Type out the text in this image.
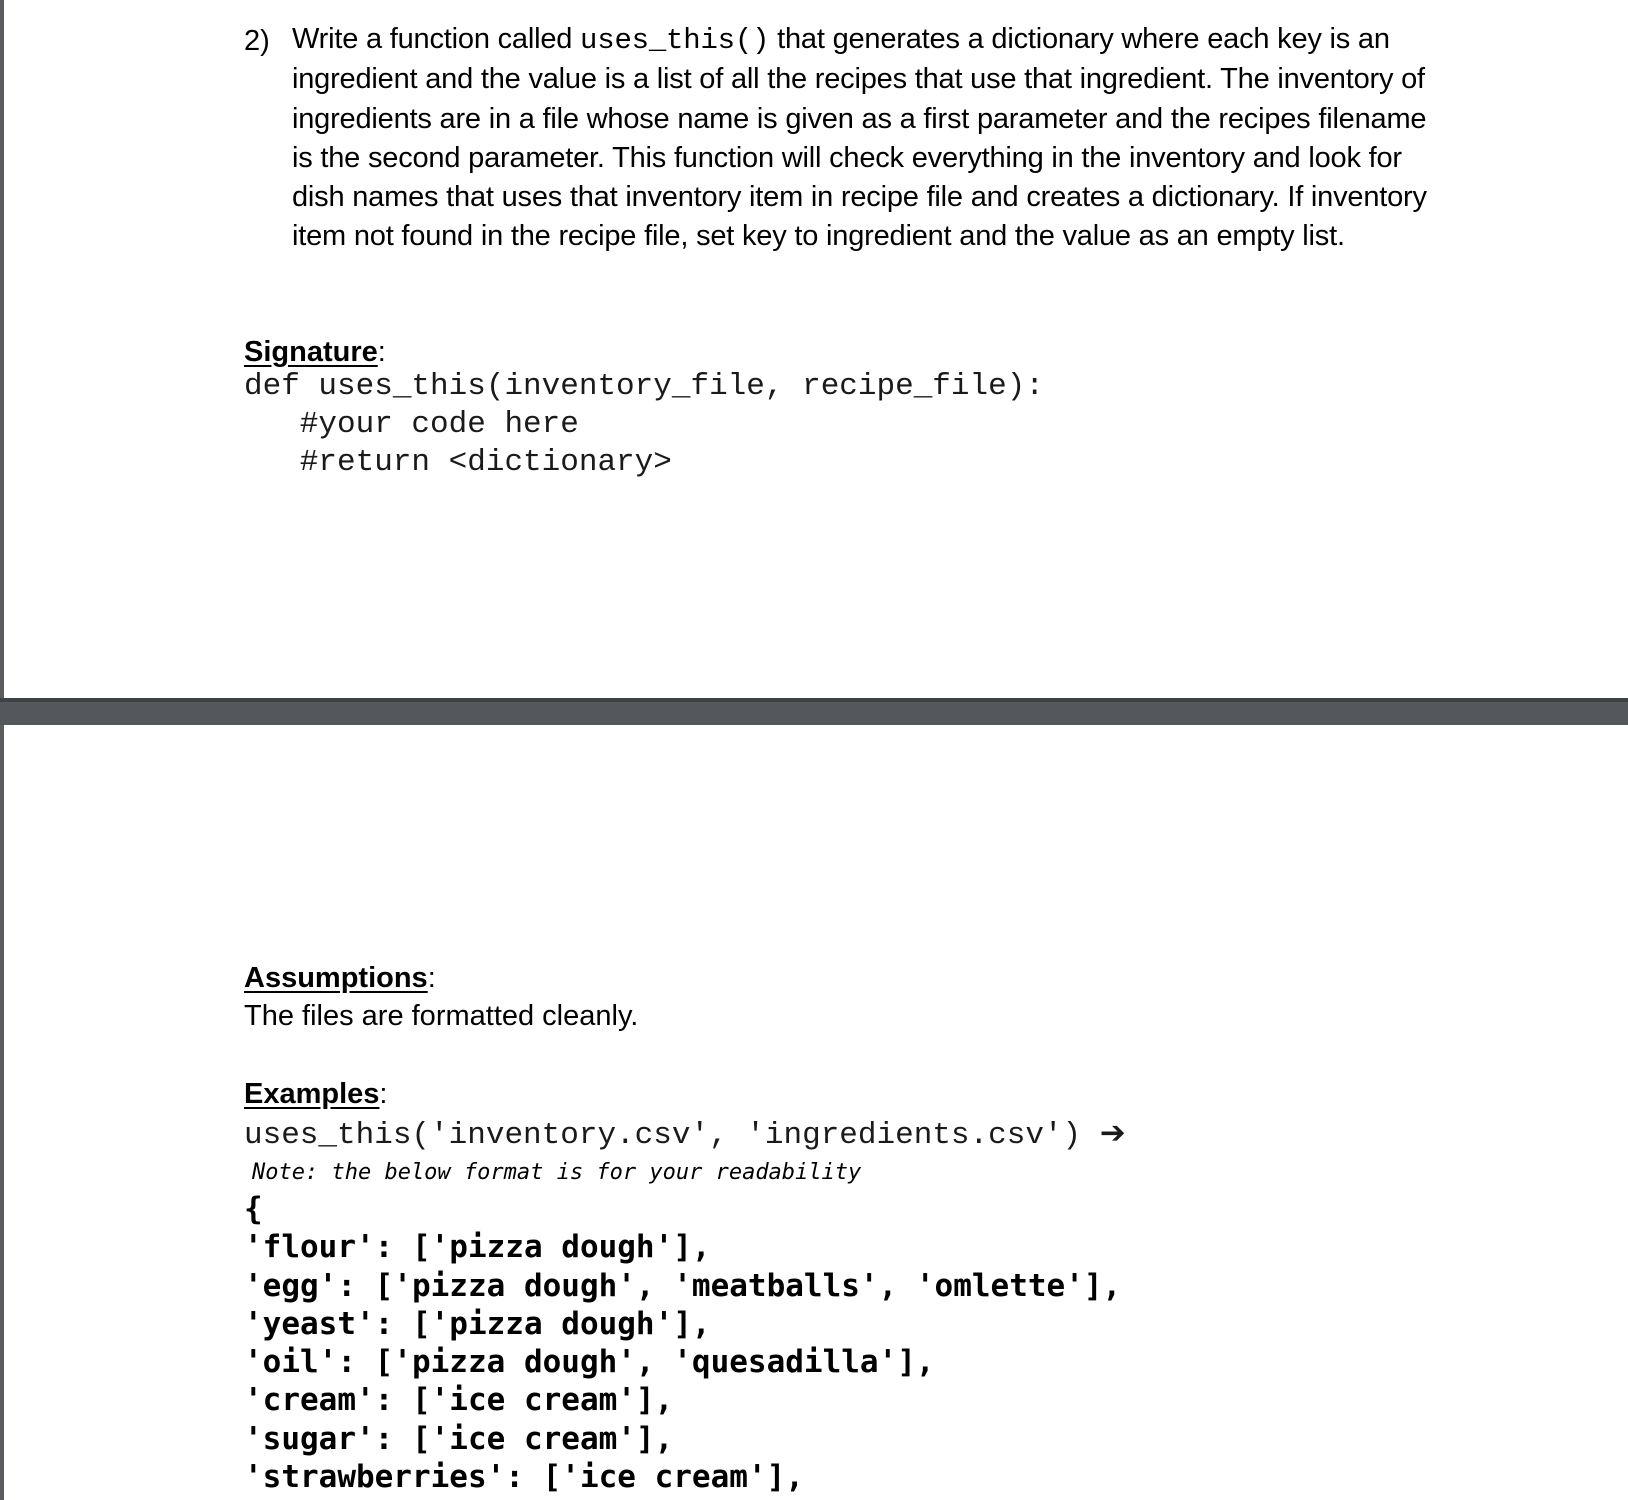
2) Write a function called uses_this() that generates a dictionary where each key is an ingredient and the value is a list of all the recipes that use that ingredient. The inventory of ingredients are in a file whose name is given as a first parameter and the recipes filename is the second parameter. This function will check everything in the inventory and look for dish names that uses that inventory item in recipe file and creates a dictionary. If inventory item not found in the recipe file, set key to ingredient and the value as an empty list.
Signature:
def uses_this(inventory_file, recipe_file):
#your code here
#return <dictionary>
Assumptions:
The files are formatted cleanly.
Examples:
uses_this('inventory.csv', 'ingredients.csv') ➔
Note: the below format is for your readability
{
'flour': ['pizza dough'],
'egg': ['pizza dough', 'meatballs', 'omlette'],
'yeast': ['pizza dough'],
'oil': ['pizza dough', 'quesadilla'],
'cream': ['ice cream'],
'sugar': ['ice cream'],
'strawberries': ['ice cream'],
